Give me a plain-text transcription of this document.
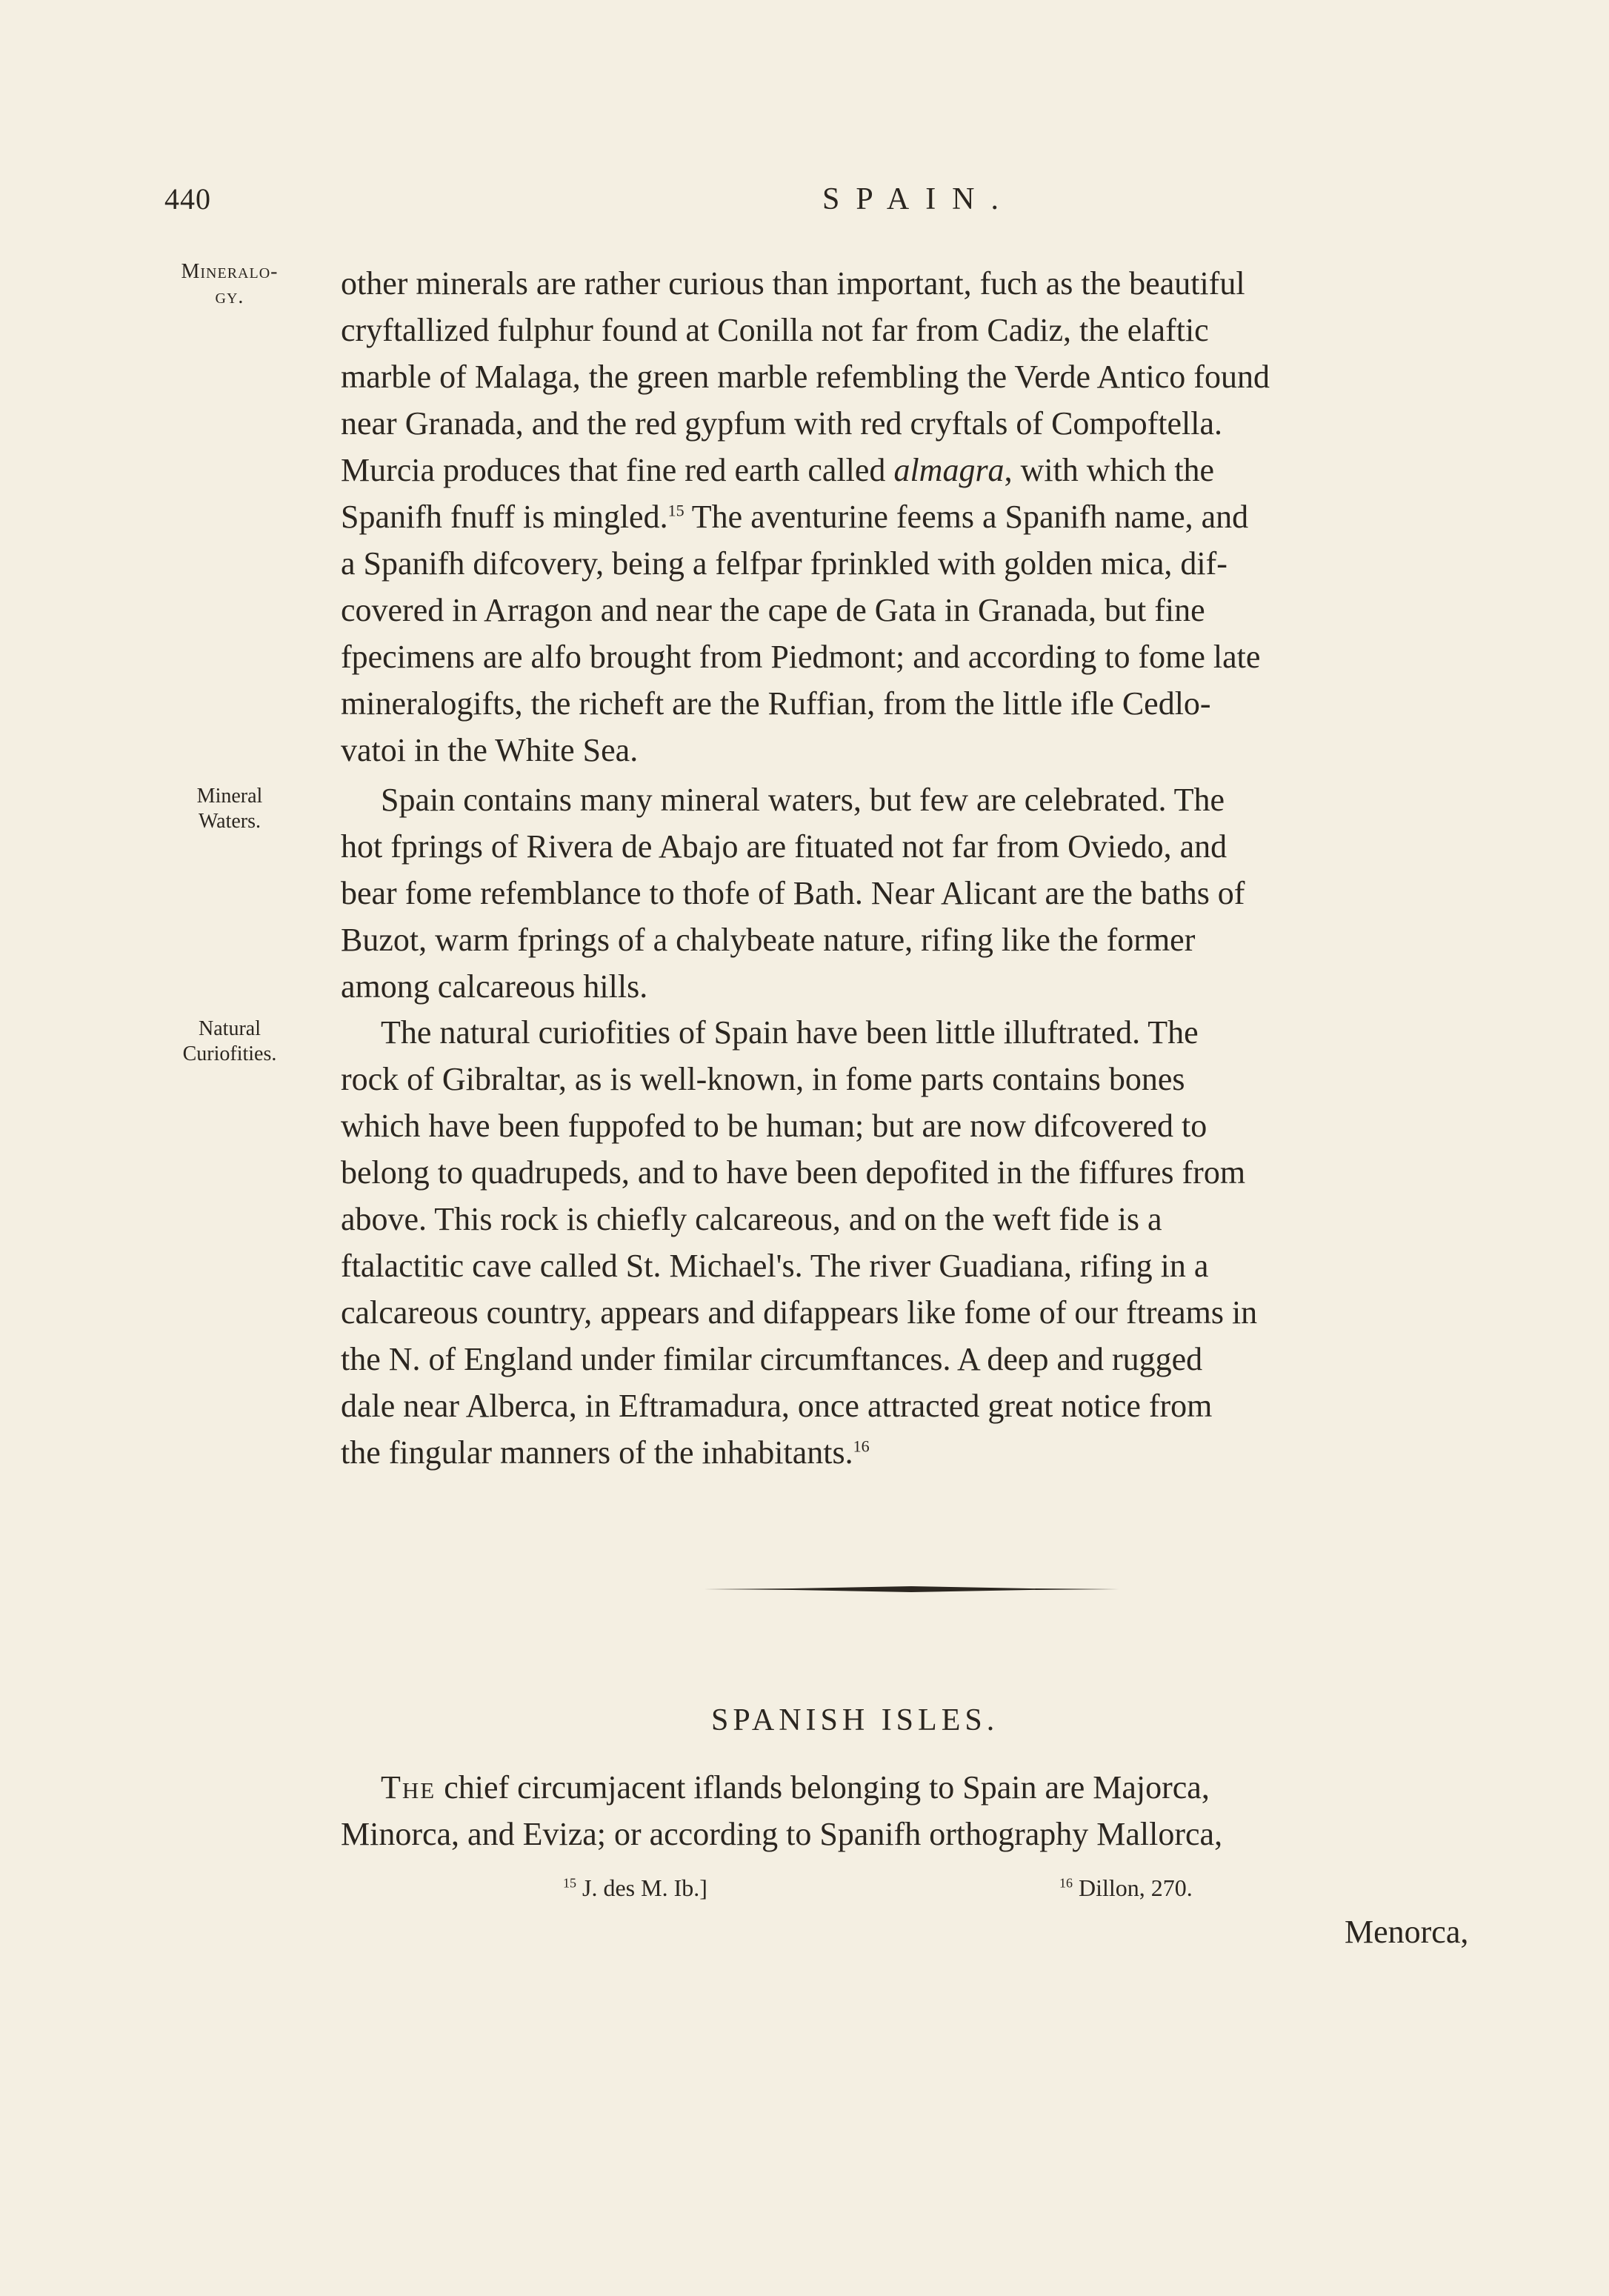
440	SPAIN.
Mineralo-
gy.
Mineral
Waters.
Natural
Curiofities.

other minerals are rather curious than important, fuch as the beautiful
cryftallized fulphur found at Conilla not far from Cadiz, the elaftic
marble of Malaga, the green marble refembling the Verde Antico found
near Granada, and the red gypfum with red cryftals of Compoftella.
Murcia produces that fine red earth called almagra, with which the
Spanifh fnuff is mingled.$^{15}$ The aventurine feems a Spanifh name, and
a Spanifh difcovery, being a felfpar fprinkled with golden mica, dif-
covered in Arragon and near the cape de Gata in Granada, but fine
fpecimens are alfo brought from Piedmont; and according to fome late
mineralogifts, the richeft are the Ruffian, from the little ifle Cedlo-
vatoi in the White Sea.

Spain contains many mineral waters, but few are celebrated. The
hot fprings of Rivera de Abajo are fituated not far from Oviedo, and
bear fome refemblance to thofe of Bath. Near Alicant are the baths of
Buzot, warm fprings of a chalybeate nature, rifing like the former
among calcareous hills.

The natural curiofities of Spain have been little illuftrated. The
rock of Gibraltar, as is well-known, in fome parts contains bones
which have been fuppofed to be human; but are now difcovered to
belong to quadrupeds, and to have been depofited in the fiffures from
above. This rock is chiefly calcareous, and on the weft fide is a
ftalactitic cave called St. Michael's. The river Guadiana, rifing in a
calcareous country, appears and difappears like fome of our ftreams in
the N. of England under fimilar circumftances. A deep and rugged
dale near Alberca, in Eftramadura, once attracted great notice from
the fingular manners of the inhabitants.$^{16}$

SPANISH ISLES.

The chief circumjacent iflands belonging to Spain are Majorca,
Minorca, and Eviza; or according to Spanifh orthography Mallorca,

$^{15}$ J. des M. Ib.]	$^{16}$ Dillon, 270.
Menorca,
